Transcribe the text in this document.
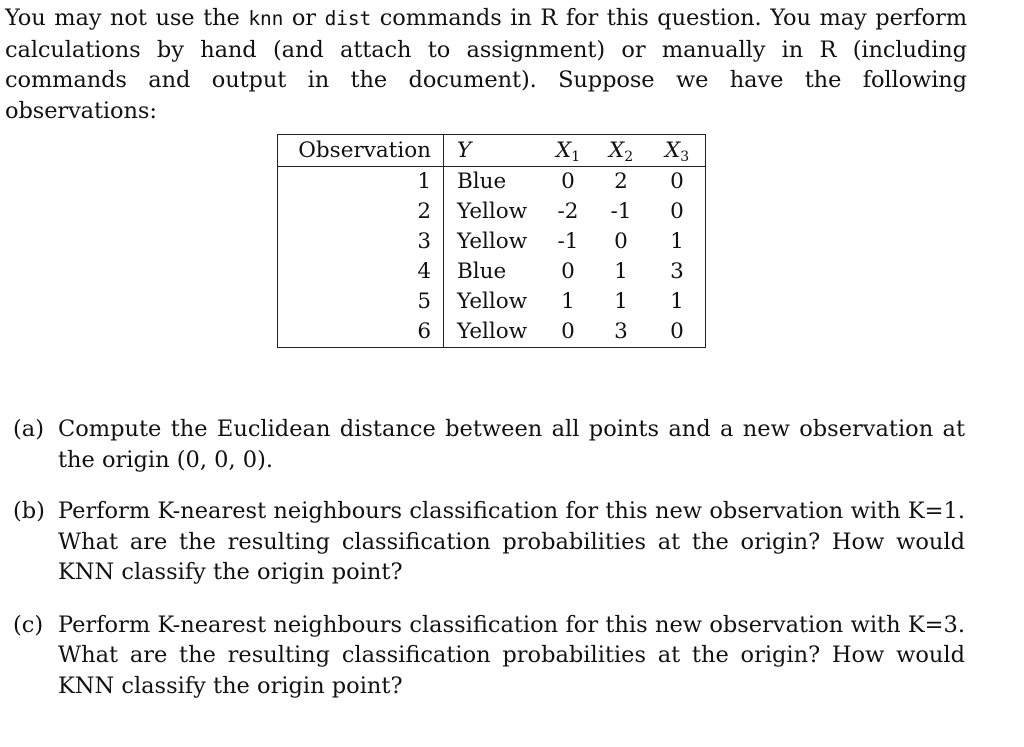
You may not use the knn or dist commands in R for this question. You may perform calculations by hand (and attach to assignment) or manually in R (including commands and output in the document). Suppose we have the following observations:
Observation	Y	$X_1$	$X_2$	$X_3$
1	Blue	0	2	0
2	Yellow	-2	-1	0
3	Yellow	-1	0	1
4	Blue	0	1	3
5	Yellow	1	1	1
6	Yellow	0	3	0

(a) Compute the Euclidean distance between all points and a new observation at the origin (0, 0, 0).

(b) Perform K-nearest neighbours classification for this new observation with K=1. What are the resulting classification probabilities at the origin? How would KNN classify the origin point?

(c) Perform K-nearest neighbours classification for this new observation with K=3. What are the resulting classification probabilities at the origin? How would KNN classify the origin point?
